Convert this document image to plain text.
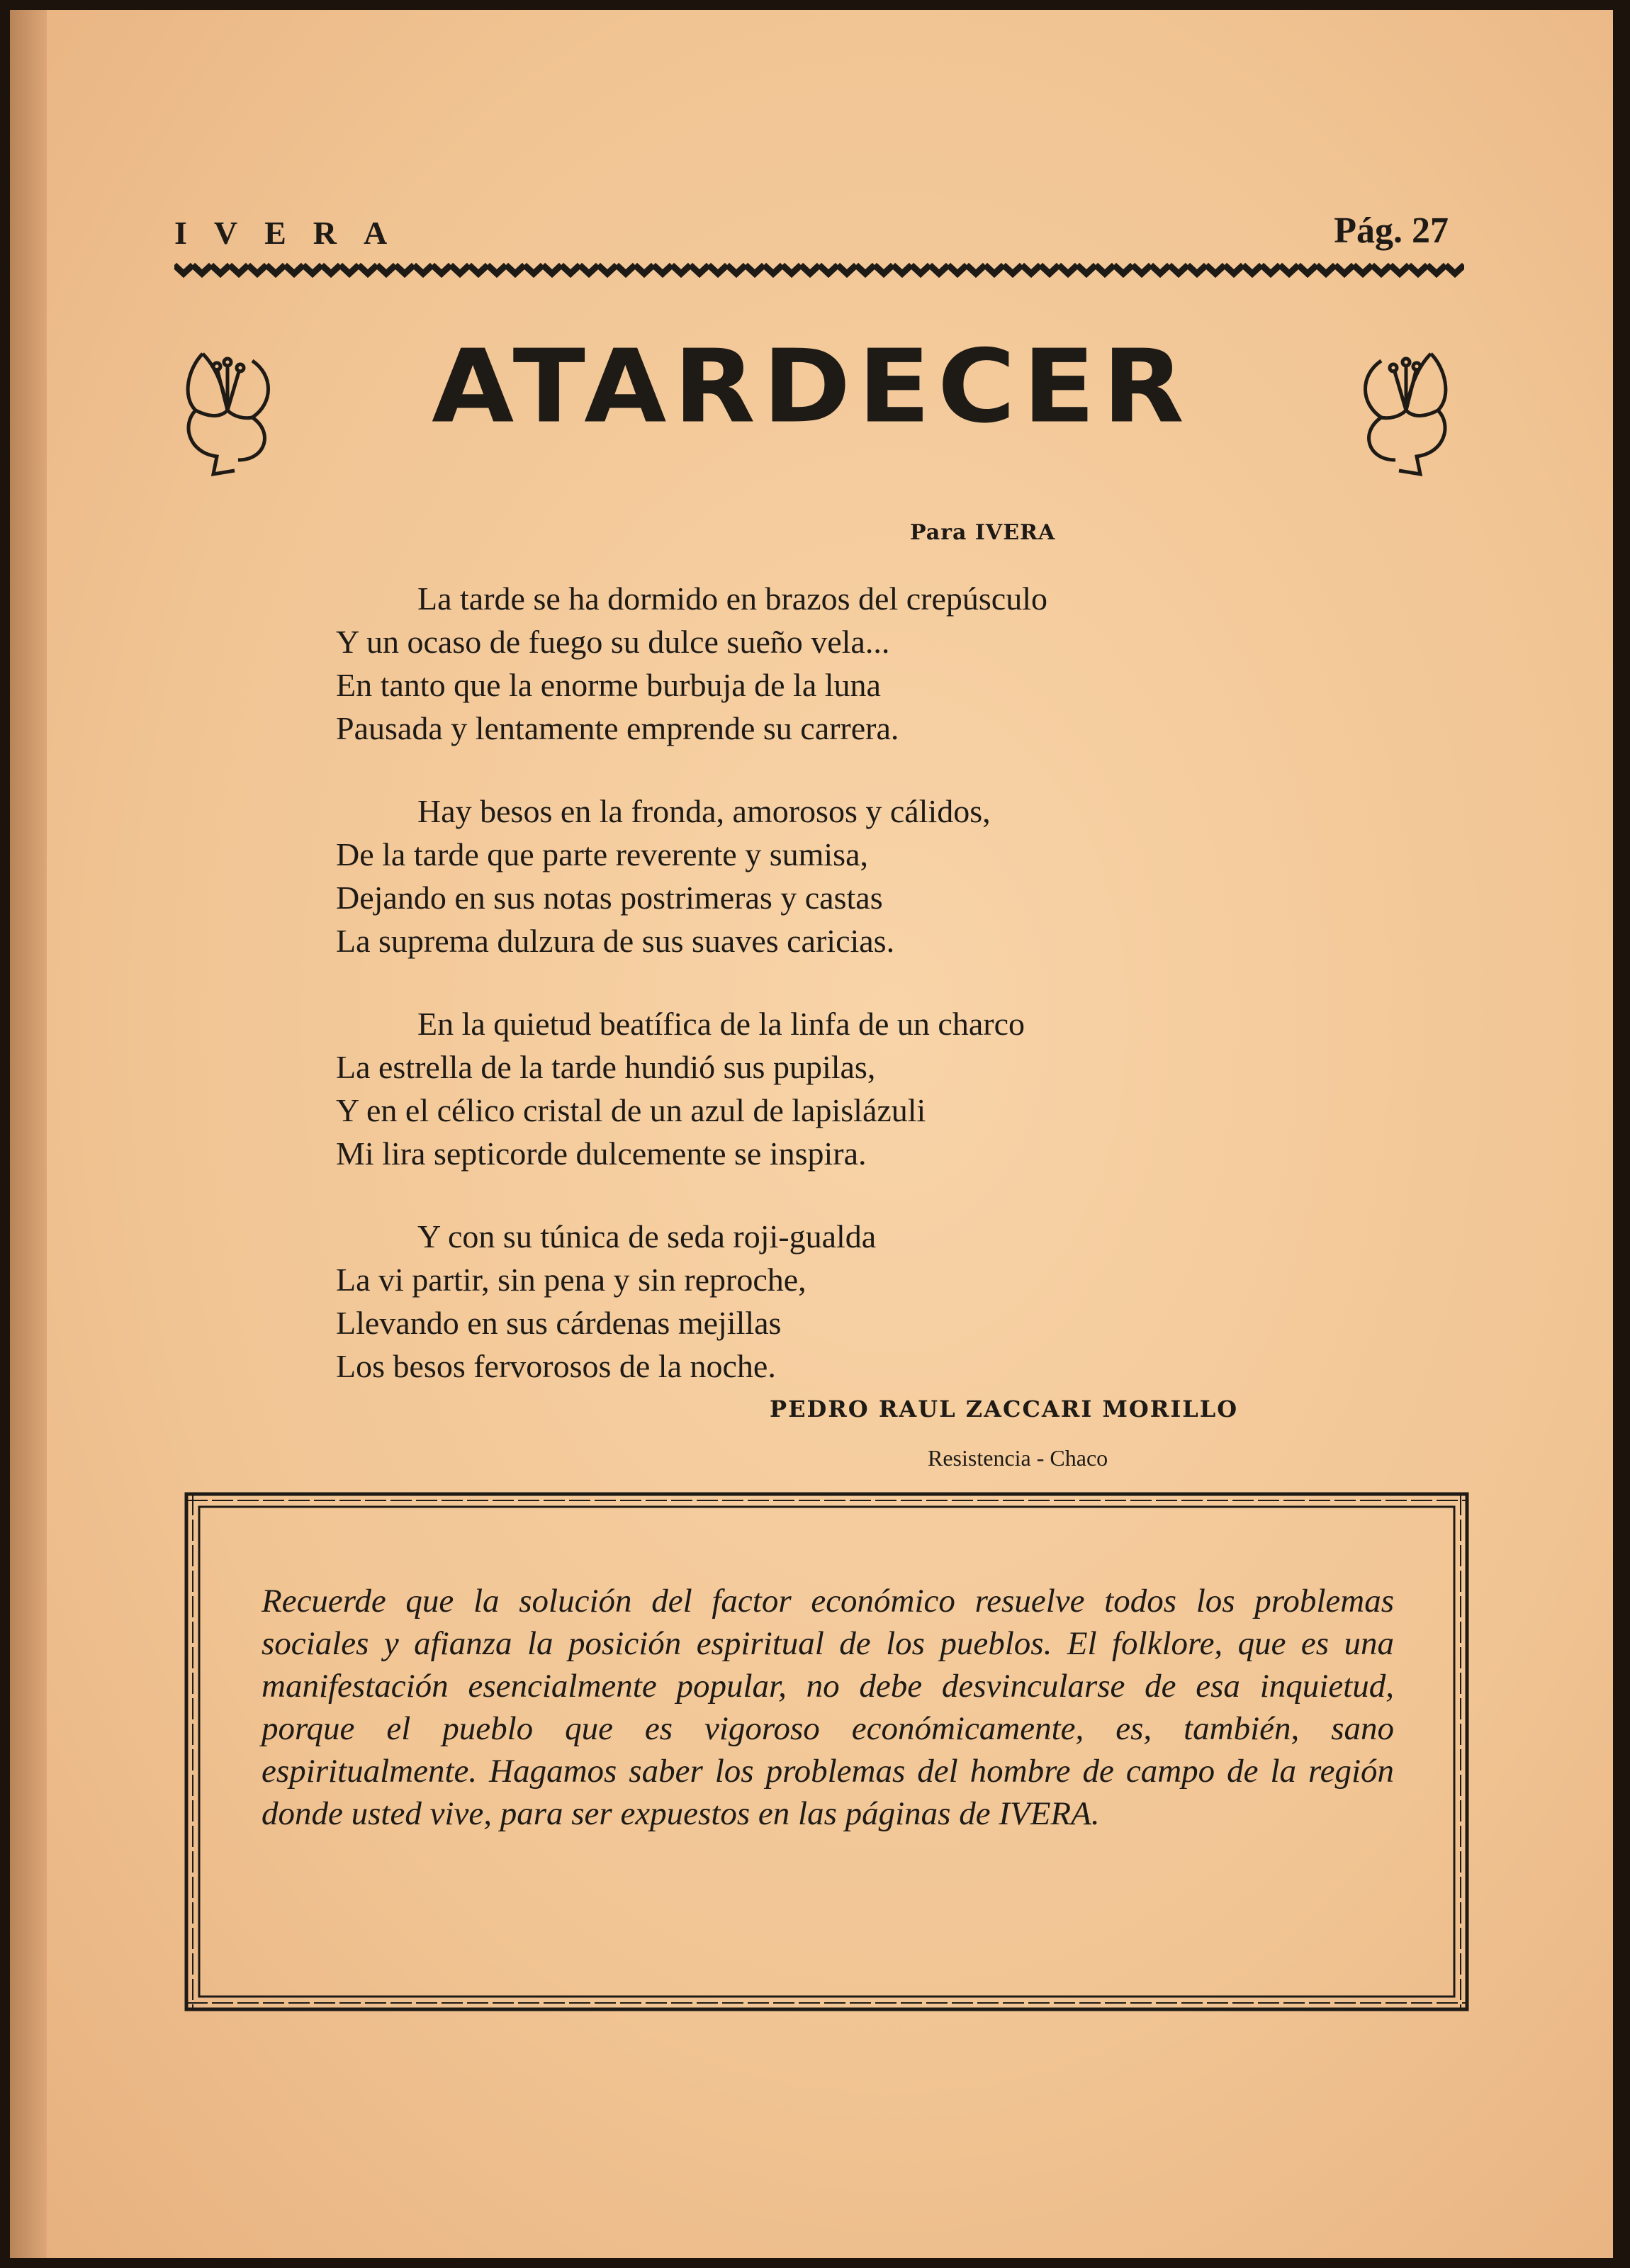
IVERA	Pág. 27
ATARDECER
Para IVERA
La tarde se ha dormido en brazos del crepúsculo
Y un ocaso de fuego su dulce sueño vela...
En tanto que la enorme burbuja de la luna
Pausada y lentamente emprende su carrera.
Hay besos en la fronda, amorosos y cálidos,
De la tarde que parte reverente y sumisa,
Dejando en sus notas postrimeras y castas
La suprema dulzura de sus suaves caricias.
En la quietud beatífica de la linfa de un charco
La estrella de la tarde hundió sus pupilas,
Y en el célico cristal de un azul de lapislázuli
Mi lira septicorde dulcemente se inspira.
Y con su túnica de seda roji-gualda
La vi partir, sin pena y sin reproche,
Llevando en sus cárdenas mejillas
Los besos fervorosos de la noche.
PEDRO RAUL ZACCARI MORILLO
Resistencia - Chaco
Recuerde que la solución del factor económico resuelve todos los problemas sociales y afianza la posición espiritual de los pueblos. El folklore, que es una manifestación esencialmente popular, no debe desvincularse de esa inquietud, porque el pueblo que es vigoroso económicamente, es, también, sano espiritualmente. Hagamos saber los problemas del hombre de campo de la región donde usted vive, para ser expuestos en las páginas de IVERA.
